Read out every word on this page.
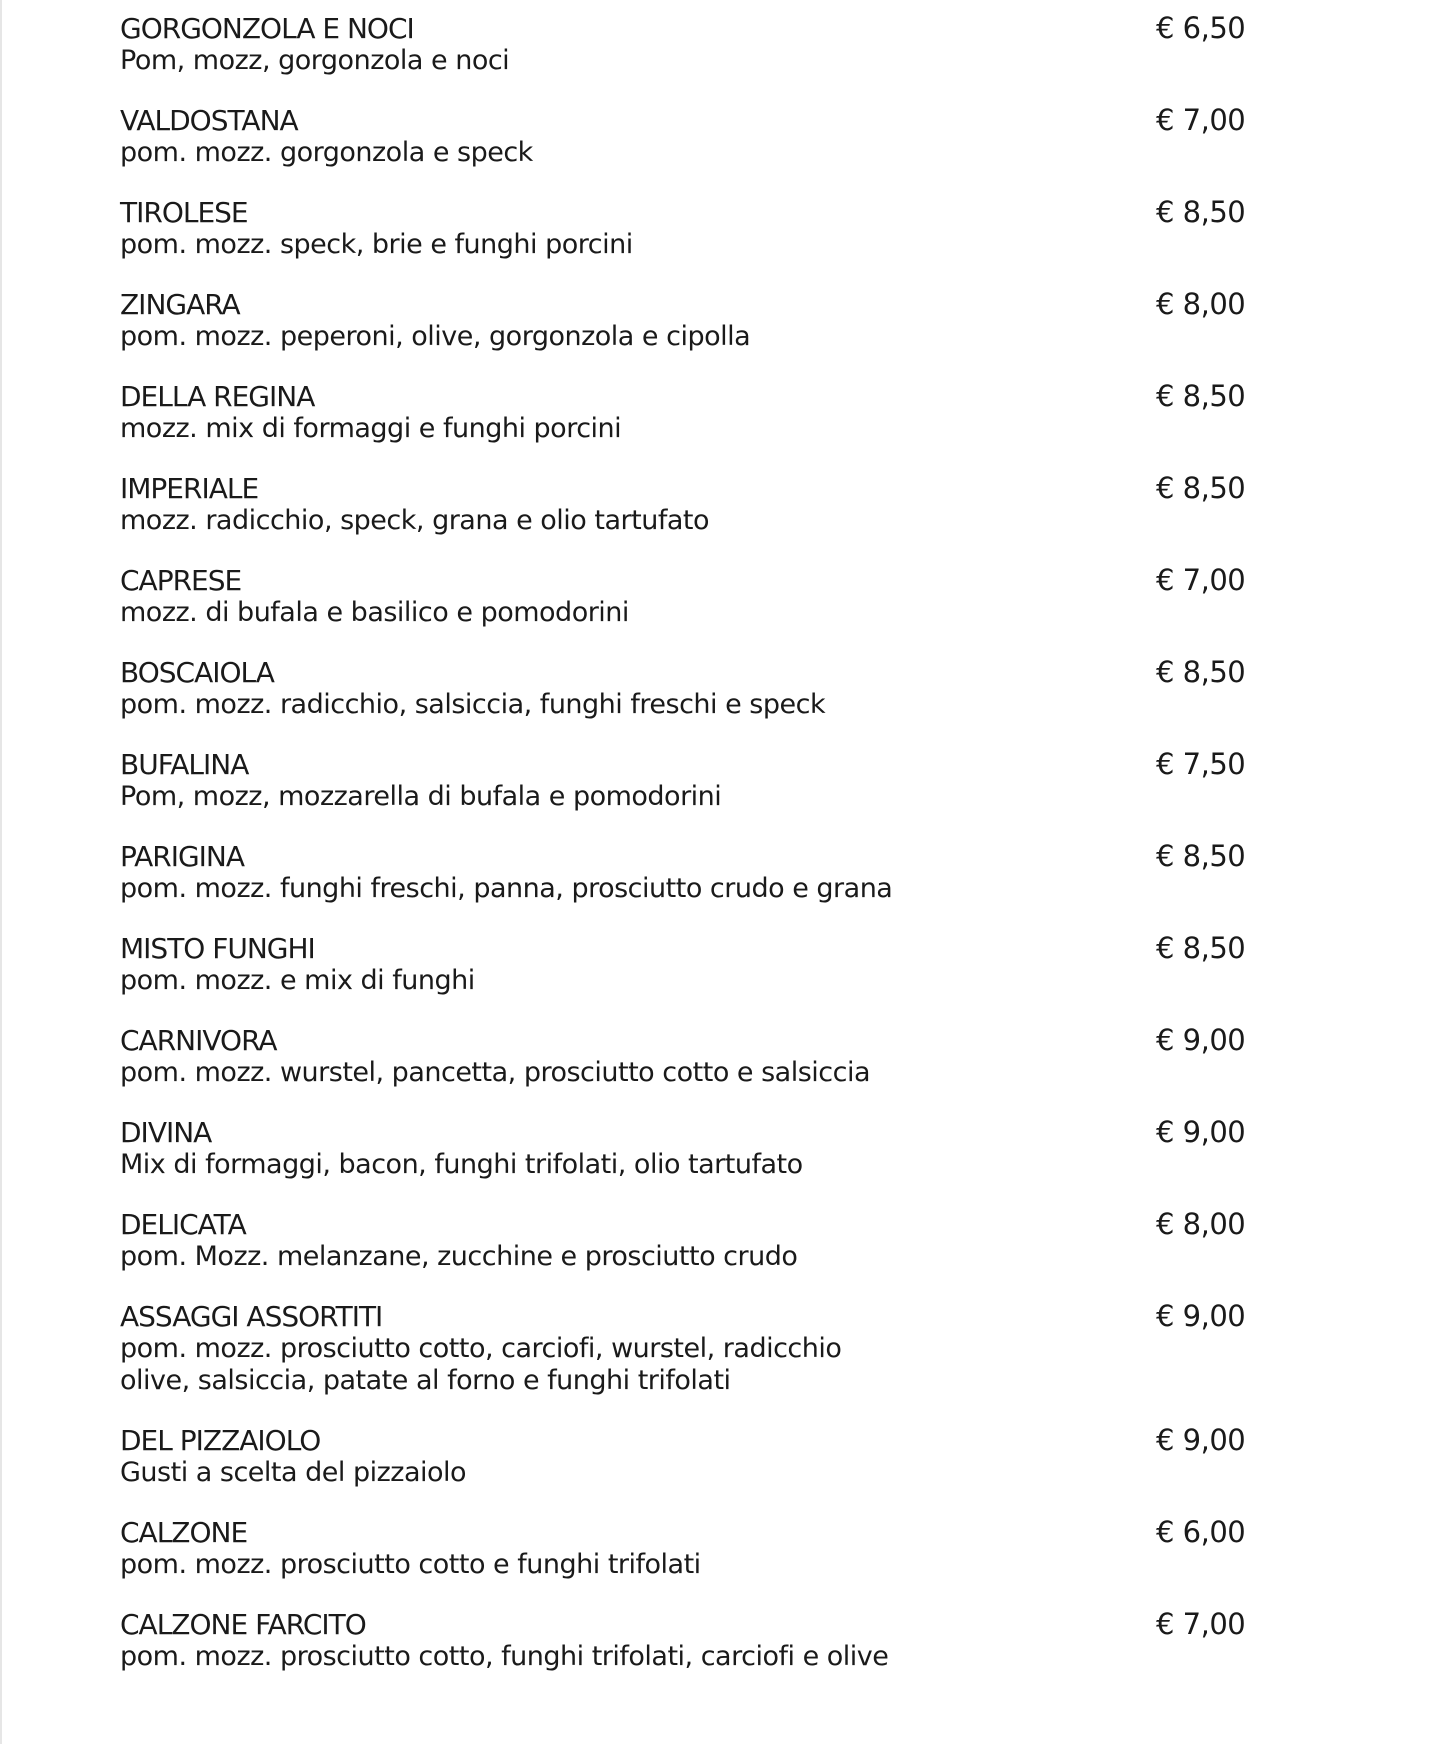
GORGONZOLA E NOCI
Pom, mozz, gorgonzola e noci
€ 6,50
VALDOSTANA
pom. mozz. gorgonzola e speck
€ 7,00
TIROLESE
pom. mozz. speck, brie e funghi porcini
€ 8,50
ZINGARA
pom. mozz. peperoni, olive, gorgonzola e cipolla
€ 8,00
DELLA REGINA
mozz. mix di formaggi e funghi porcini
€ 8,50
IMPERIALE
mozz. radicchio, speck, grana e olio tartufato
€ 8,50
CAPRESE
mozz. di bufala e basilico e pomodorini
€ 7,00
BOSCAIOLA
pom. mozz. radicchio, salsiccia, funghi freschi e speck
€ 8,50
BUFALINA
Pom, mozz, mozzarella di bufala e pomodorini
€ 7,50
PARIGINA
pom. mozz. funghi freschi, panna, prosciutto crudo e grana
€ 8,50
MISTO FUNGHI
pom. mozz. e mix di funghi
€ 8,50
CARNIVORA
pom. mozz. wurstel, pancetta, prosciutto cotto e salsiccia
€ 9,00
DIVINA
Mix di formaggi, bacon, funghi trifolati, olio tartufato
€ 9,00
DELICATA
pom. Mozz. melanzane, zucchine e prosciutto crudo
€ 8,00
ASSAGGI ASSORTITI
pom. mozz. prosciutto cotto, carciofi, wurstel, radicchio
olive, salsiccia, patate al forno e funghi trifolati
€ 9,00
DEL PIZZAIOLO
Gusti a scelta del pizzaiolo
€ 9,00
CALZONE
pom. mozz. prosciutto cotto e funghi trifolati
€ 6,00
CALZONE FARCITO
pom. mozz. prosciutto cotto, funghi trifolati, carciofi e olive
€ 7,00
